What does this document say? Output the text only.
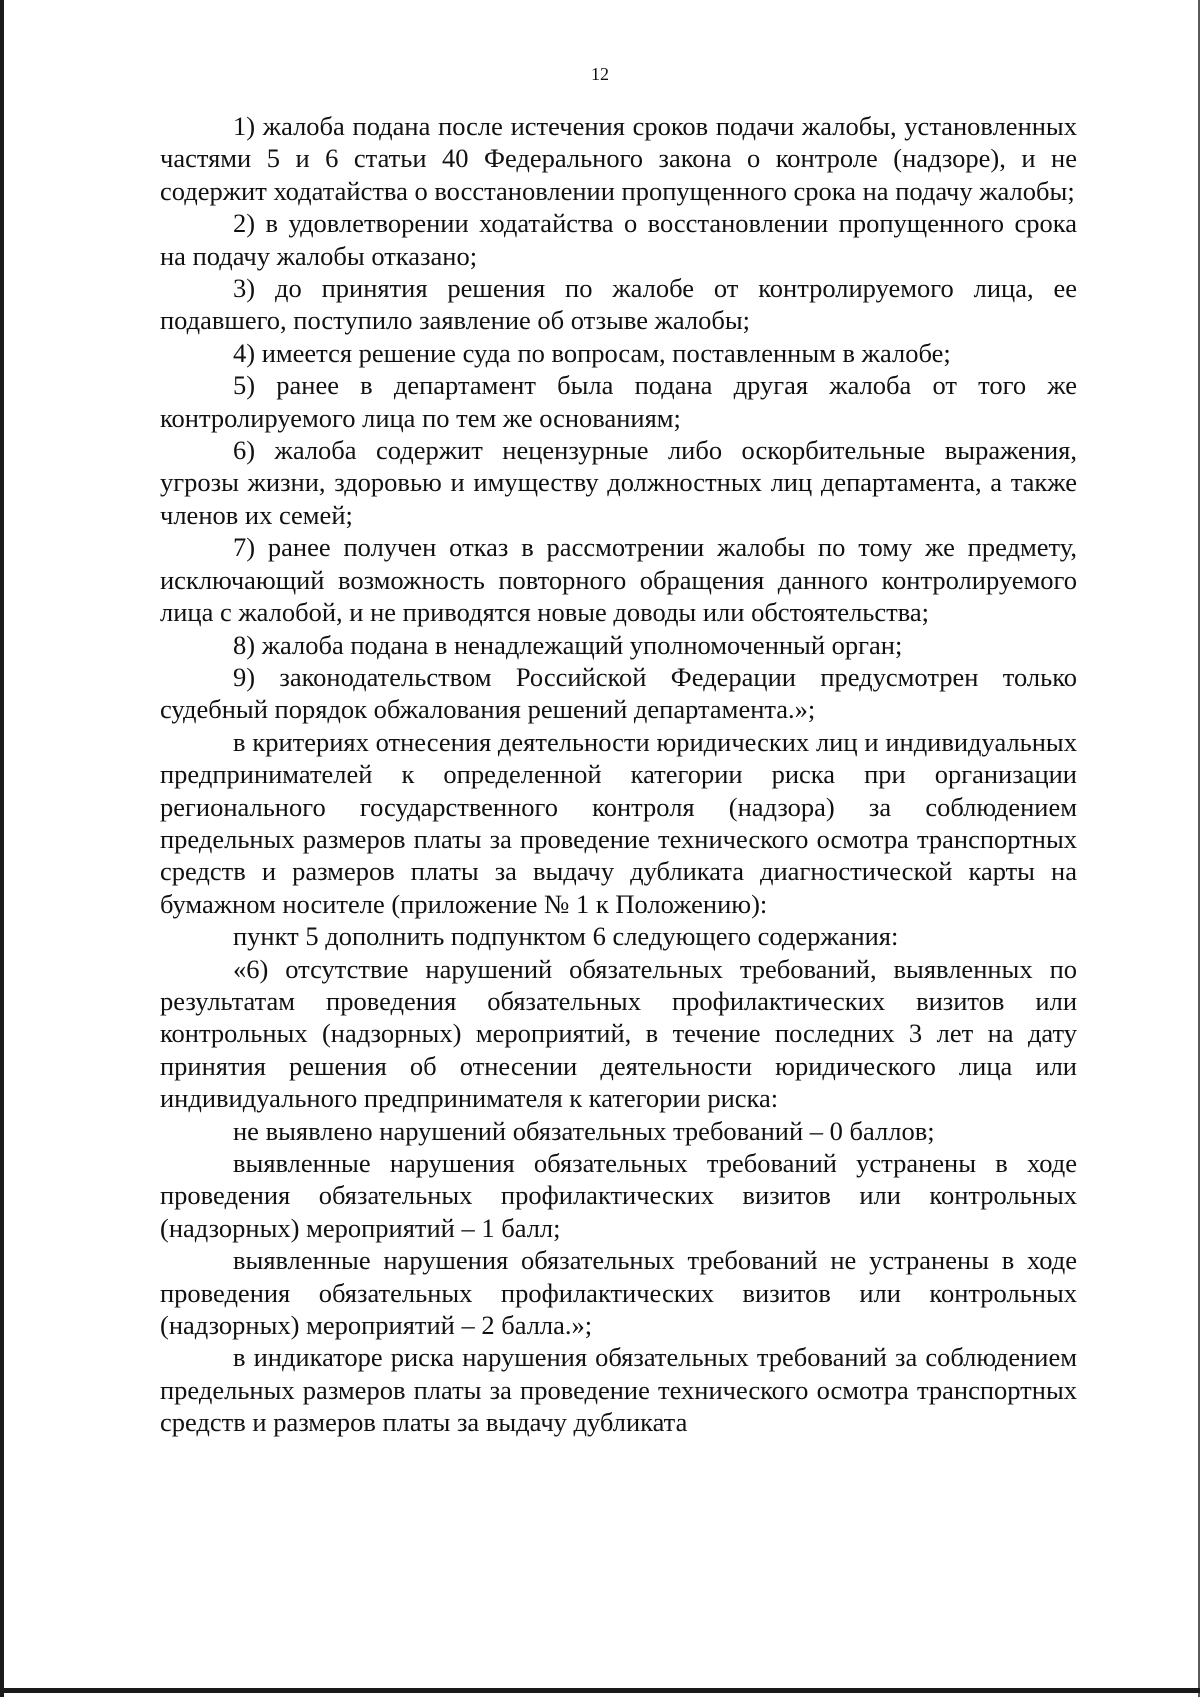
12

1) жалоба подана после истечения сроков подачи жалобы, установленных частями 5 и 6 статьи 40 Федерального закона о контроле (надзоре), и не содержит ходатайства о восстановлении пропущенного срока на подачу жалобы;

2) в удовлетворении ходатайства о восстановлении пропущенного срока на подачу жалобы отказано;

3) до принятия решения по жалобе от контролируемого лица, ее подавшего, поступило заявление об отзыве жалобы;

4) имеется решение суда по вопросам, поставленным в жалобе;

5) ранее в департамент была подана другая жалоба от того же контролируемого лица по тем же основаниям;

6) жалоба содержит нецензурные либо оскорбительные выражения, угрозы жизни, здоровью и имуществу должностных лиц департамента, а также членов их семей;

7) ранее получен отказ в рассмотрении жалобы по тому же предмету, исключающий возможность повторного обращения данного контролируемого лица с жалобой, и не приводятся новые доводы или обстоятельства;

8) жалоба подана в ненадлежащий уполномоченный орган;

9) законодательством Российской Федерации предусмотрен только судебный порядок обжалования решений департамента.»;

в критериях отнесения деятельности юридических лиц и индивидуальных предпринимателей к определенной категории риска при организации регионального государственного контроля (надзора) за соблюдением предельных размеров платы за проведение технического осмотра транспортных средств и размеров платы за выдачу дубликата диагностической карты на бумажном носителе (приложение № 1 к Положению):

пункт 5 дополнить подпунктом 6 следующего содержания:

«6) отсутствие нарушений обязательных требований, выявленных по результатам проведения обязательных профилактических визитов или контрольных (надзорных) мероприятий, в течение последних 3 лет на дату принятия решения об отнесении деятельности юридического лица или индивидуального предпринимателя к категории риска:

не выявлено нарушений обязательных требований – 0 баллов;

выявленные нарушения обязательных требований устранены в ходе проведения обязательных профилактических визитов или контрольных (надзорных) мероприятий – 1 балл;

выявленные нарушения обязательных требований не устранены в ходе проведения обязательных профилактических визитов или контрольных (надзорных) мероприятий – 2 балла.»;

в индикаторе риска нарушения обязательных требований за соблюдением предельных размеров платы за проведение технического осмотра транспортных средств и размеров платы за выдачу дубликата
